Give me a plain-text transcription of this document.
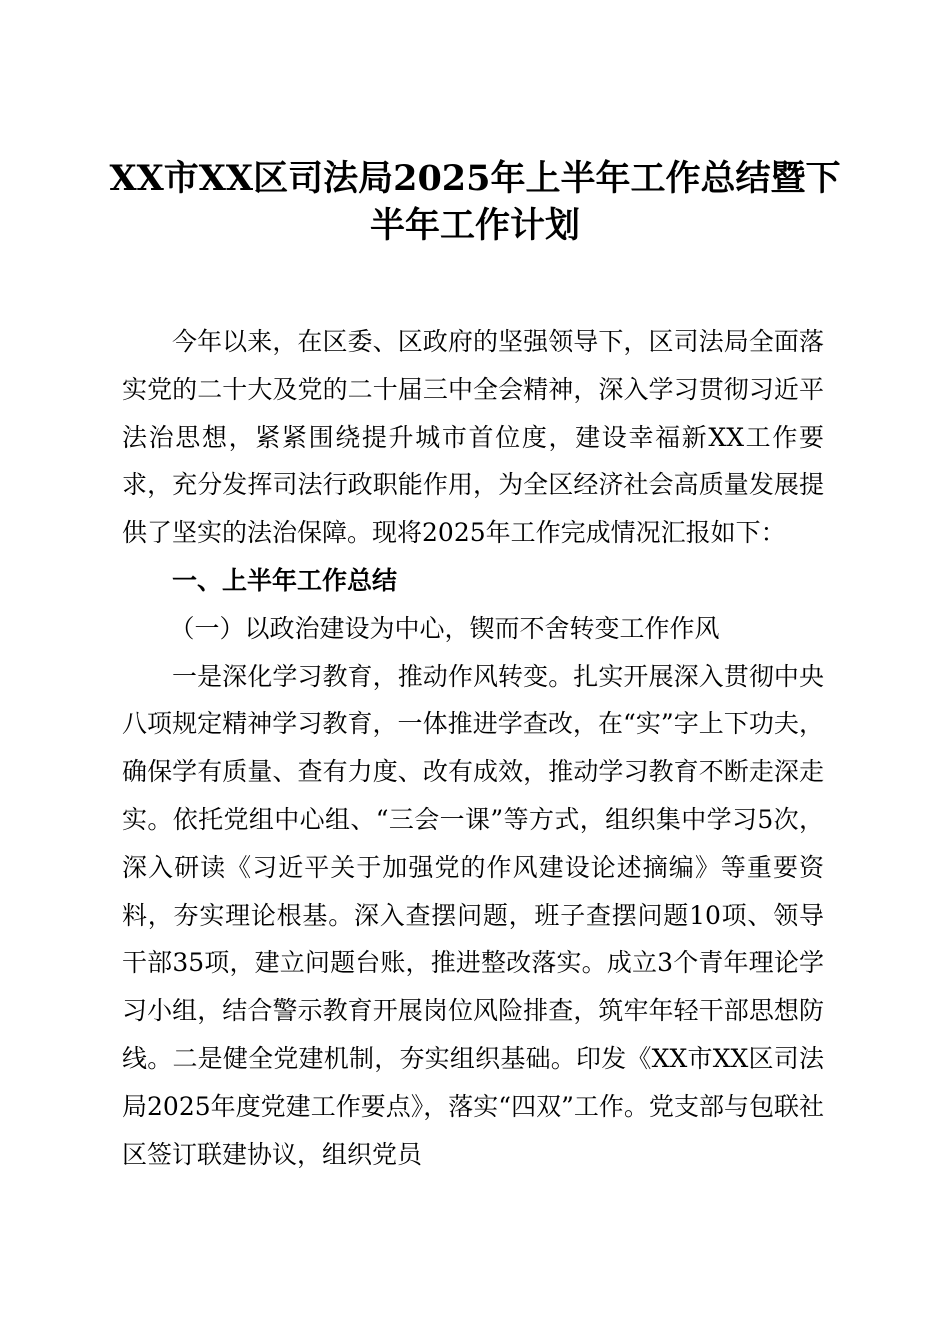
XX市XX区司法局2025年上半年工作总结暨下半年工作计划

今年以来，在区委、区政府的坚强领导下，区司法局全面落实党的二十大及党的二十届三中全会精神，深入学习贯彻习近平法治思想，紧紧围绕提升城市首位度，建设幸福新XX工作要求，充分发挥司法行政职能作用，为全区经济社会高质量发展提供了坚实的法治保障。现将2025年工作完成情况汇报如下：

一、上半年工作总结
（一）以政治建设为中心，锲而不舍转变工作作风

一是深化学习教育，推动作风转变。扎实开展深入贯彻中央八项规定精神学习教育，一体推进学查改，在“实”字上下功夫，确保学有质量、查有力度、改有成效，推动学习教育不断走深走实。依托党组中心组、“三会一课”等方式，组织集中学习5次，深入研读《习近平关于加强党的作风建设论述摘编》等重要资料，夯实理论根基。深入查摆问题，班子查摆问题10项、领导干部35项，建立问题台账，推进整改落实。成立3个青年理论学习小组，结合警示教育开展岗位风险排查，筑牢年轻干部思想防线。二是健全党建机制，夯实组织基础。印发《XX市XX区司法局2025年度党建工作要点》，落实“四双”工作。党支部与包联社区签订联建协议，组织党员
